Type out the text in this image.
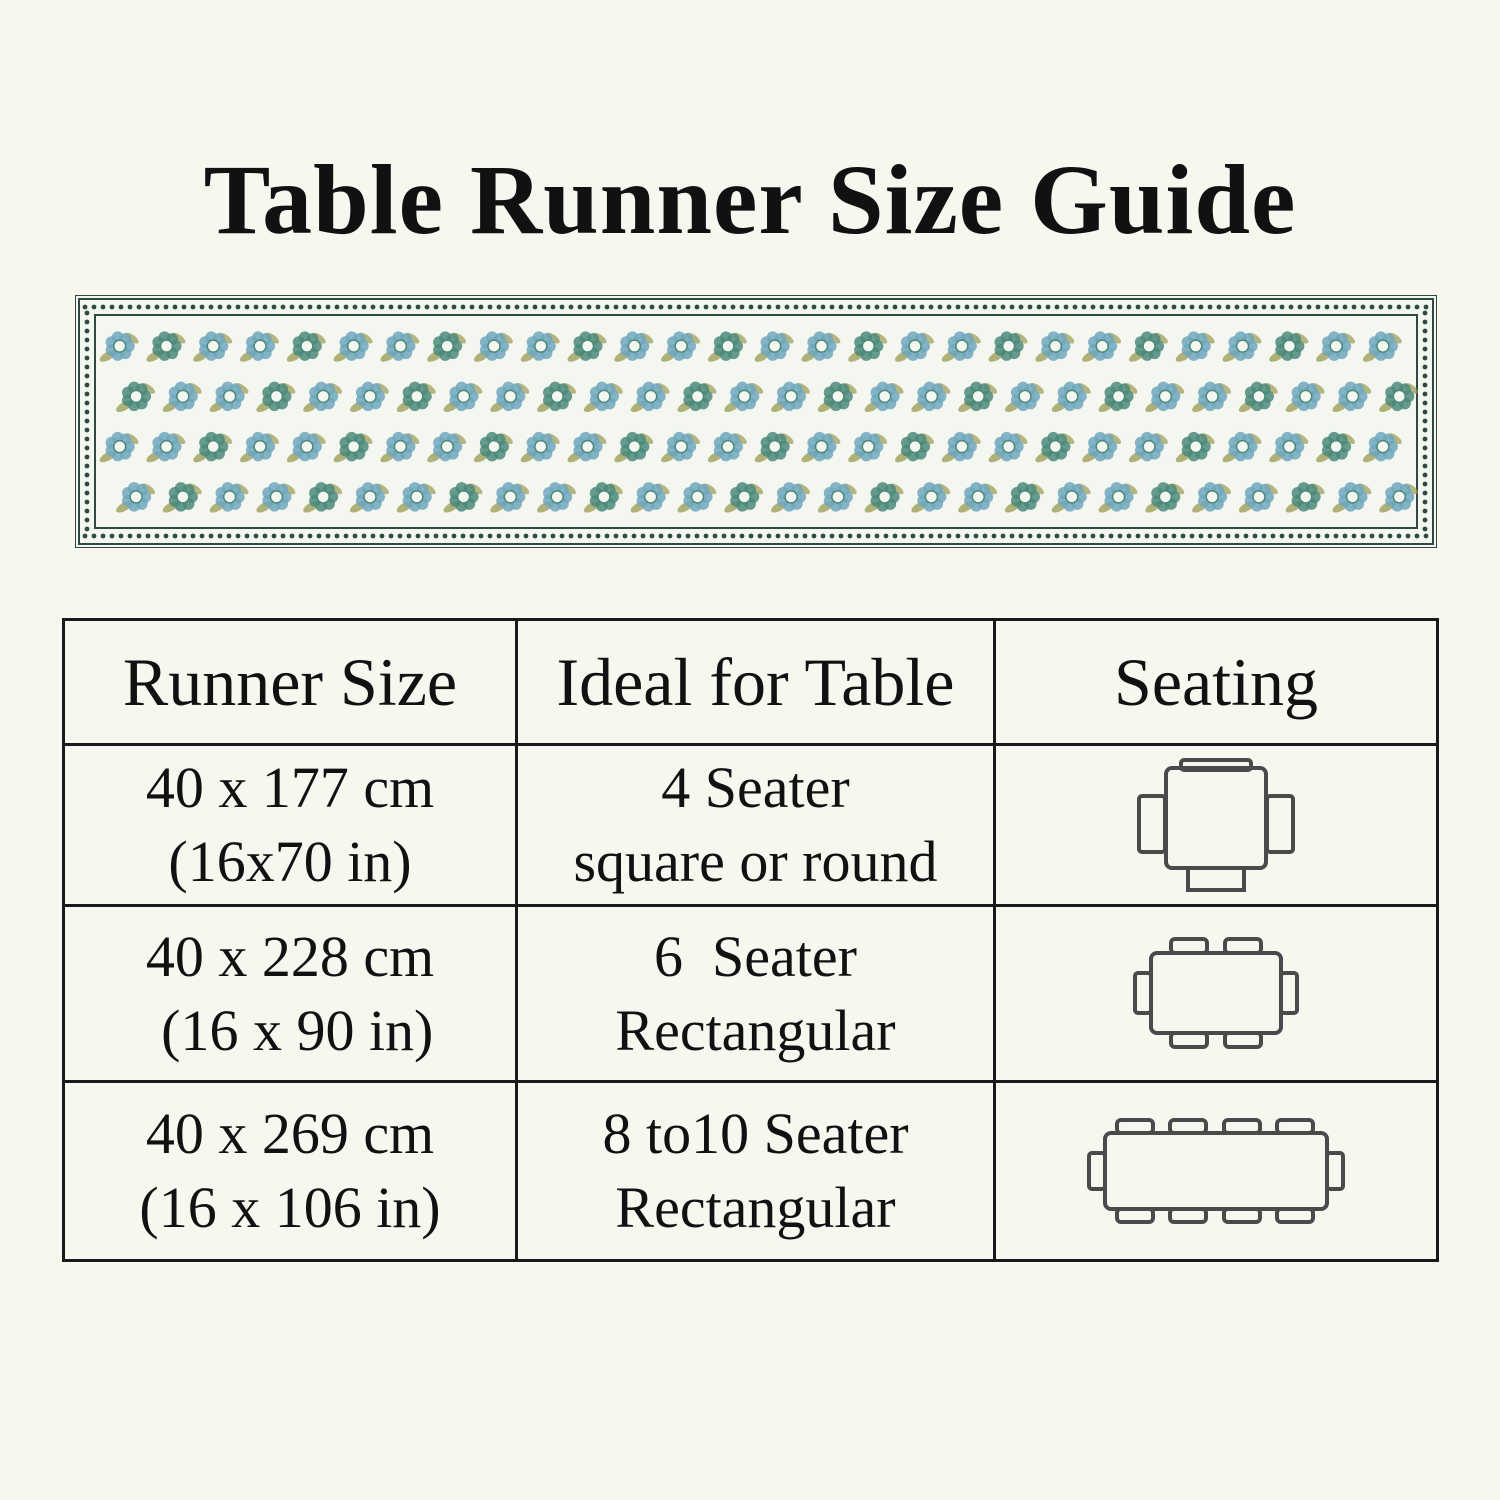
Table Runner Size Guide
Runner Size	Ideal for Table	Seating

40 x 177 cm
(16x70 in)	4 Seater
square or round

40 x 228 cm
(16 x 90 in)	6  Seater
Rectangular

40 x 269 cm
(16 x 106 in)	8 to10 Seater
Rectangular
